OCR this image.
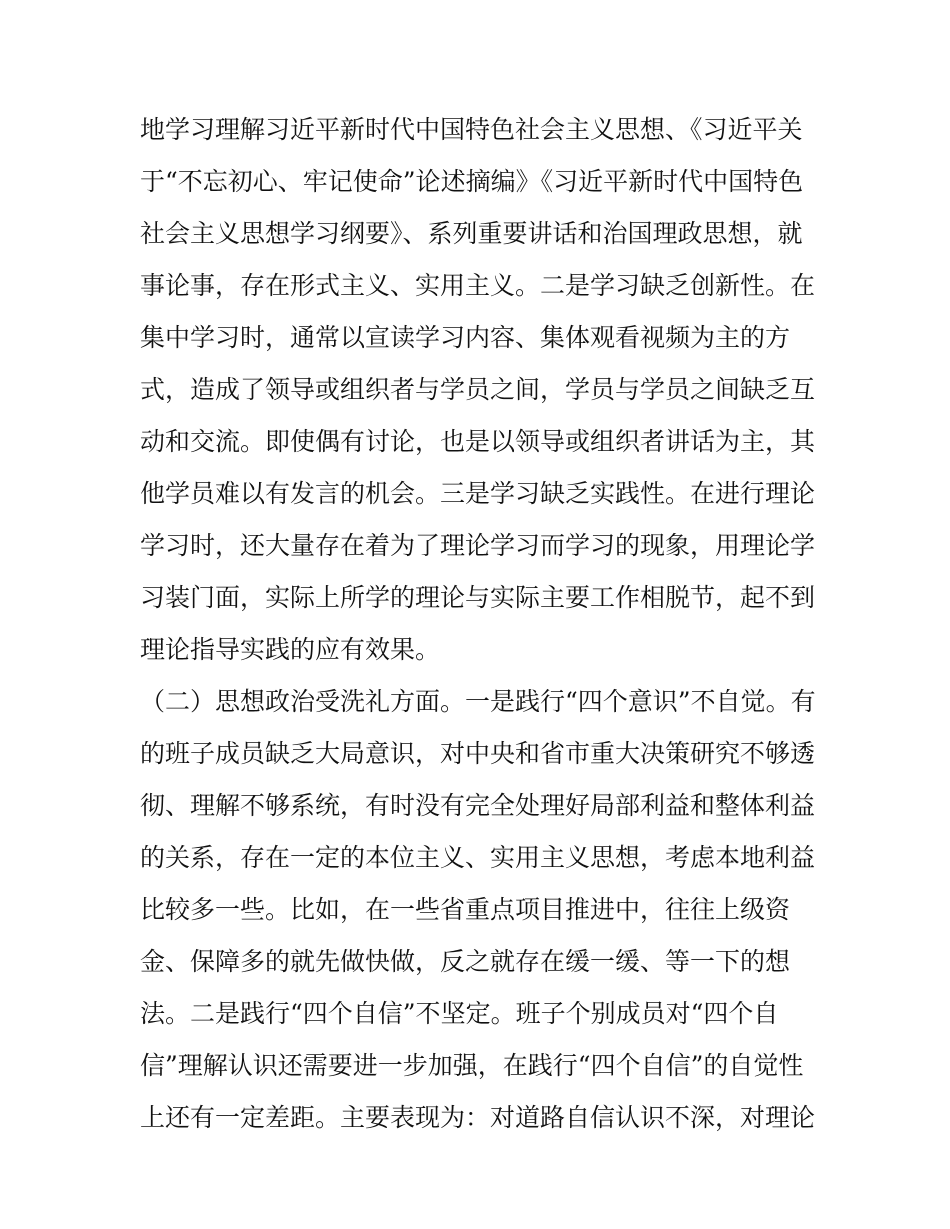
地学习理解习近平新时代中国特色社会主义思想、《习近平关
于“不忘初心、牢记使命”论述摘编》《习近平新时代中国特色
社会主义思想学习纲要》、系列重要讲话和治国理政思想，就
事论事，存在形式主义、实用主义。二是学习缺乏创新性。在
集中学习时，通常以宣读学习内容、集体观看视频为主的方
式，造成了领导或组织者与学员之间，学员与学员之间缺乏互
动和交流。即使偶有讨论，也是以领导或组织者讲话为主，其
他学员难以有发言的机会。三是学习缺乏实践性。在进行理论
学习时，还大量存在着为了理论学习而学习的现象，用理论学
习装门面，实际上所学的理论与实际主要工作相脱节，起不到
理论指导实践的应有效果。
（二）思想政治受洗礼方面。一是践行“四个意识”不自觉。有
的班子成员缺乏大局意识，对中央和省市重大决策研究不够透
彻、理解不够系统，有时没有完全处理好局部利益和整体利益
的关系，存在一定的本位主义、实用主义思想，考虑本地利益
比较多一些。比如，在一些省重点项目推进中，往往上级资
金、保障多的就先做快做，反之就存在缓一缓、等一下的想
法。二是践行“四个自信”不坚定。班子个别成员对“四个自
信”理解认识还需要进一步加强，在践行“四个自信”的自觉性
上还有一定差距。主要表现为：对道路自信认识不深，对理论
